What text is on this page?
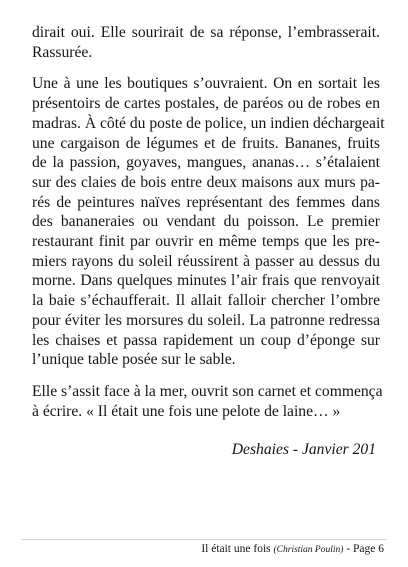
dirait oui. Elle sourirait de sa réponse, l’embrasserait.
Rassurée.

Une à une les boutiques s’ouvraient. On en sortait les
présentoirs de cartes postales, de paréos ou de robes en
madras. À côté du poste de police, un indien déchargeait
une cargaison de légumes et de fruits. Bananes, fruits
de la passion, goyaves, mangues, ananas… s’étalaient
sur des claies de bois entre deux maisons aux murs pa-
rés de peintures naïves représentant des femmes dans
des bananeraies ou vendant du poisson. Le premier
restaurant finit par ouvrir en même temps que les pre-
miers rayons du soleil réussirent à passer au dessus du
morne. Dans quelques minutes l’air frais que renvoyait
la baie s’échaufferait. Il allait falloir chercher l’ombre
pour éviter les morsures du soleil. La patronne redressa
les chaises et passa rapidement un coup d’éponge sur
l’unique table posée sur le sable.

Elle s’assit face à la mer, ouvrit son carnet et commença
à écrire. « Il était une fois une pelote de laine… »

Deshaies - Janvier 201
Il était une fois (Christian Poulin) - Page 6
